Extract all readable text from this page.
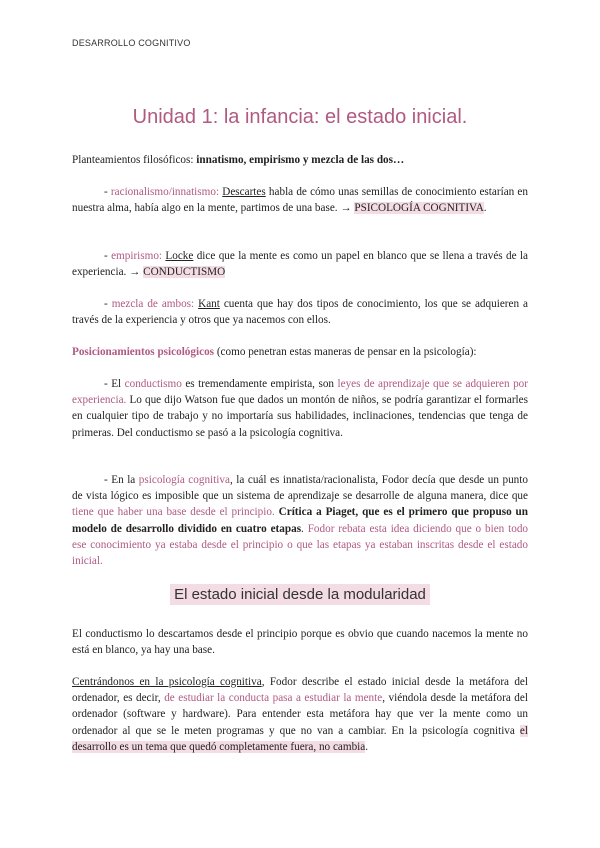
DESARROLLO COGNITIVO
Unidad 1: la infancia: el estado inicial.
Planteamientos filosóficos: innatismo, empirismo y mezcla de las dos…
- racionalismo/innatismo: Descartes habla de cómo unas semillas de conocimiento estarían en nuestra alma, había algo en la mente, partimos de una base. → PSICOLOGÍA COGNITIVA.
- empirismo: Locke dice que la mente es como un papel en blanco que se llena a través de la experiencia. → CONDUCTISMO
- mezcla de ambos: Kant cuenta que hay dos tipos de conocimiento, los que se adquieren a través de la experiencia y otros que ya nacemos con ellos.
Posicionamientos psicológicos (como penetran estas maneras de pensar en la psicología):
- El conductismo es tremendamente empirista, son leyes de aprendizaje que se adquieren por experiencia. Lo que dijo Watson fue que dados un montón de niños, se podría garantizar el formarles en cualquier tipo de trabajo y no importaría sus habilidades, inclinaciones, tendencias que tenga de primeras. Del conductismo se pasó a la psicología cognitiva.
- En la psicología cognitiva, la cuál es innatista/racionalista, Fodor decía que desde un punto de vista lógico es imposible que un sistema de aprendizaje se desarrolle de alguna manera, dice que tiene que haber una base desde el principio. Crítica a Piaget, que es el primero que propuso un modelo de desarrollo dividido en cuatro etapas. Fodor rebata esta idea diciendo que o bien todo ese conocimiento ya estaba desde el principio o que las etapas ya estaban inscritas desde el estado inicial.
El estado inicial desde la modularidad
El conductismo lo descartamos desde el principio porque es obvio que cuando nacemos la mente no está en blanco, ya hay una base.
Centrándonos en la psicología cognitiva, Fodor describe el estado inicial desde la metáfora del ordenador, es decir, de estudiar la conducta pasa a estudiar la mente, viéndola desde la metáfora del ordenador (software y hardware). Para entender esta metáfora hay que ver la mente como un ordenador al que se le meten programas y que no van a cambiar. En la psicología cognitiva el desarrollo es un tema que quedó completamente fuera, no cambia.
